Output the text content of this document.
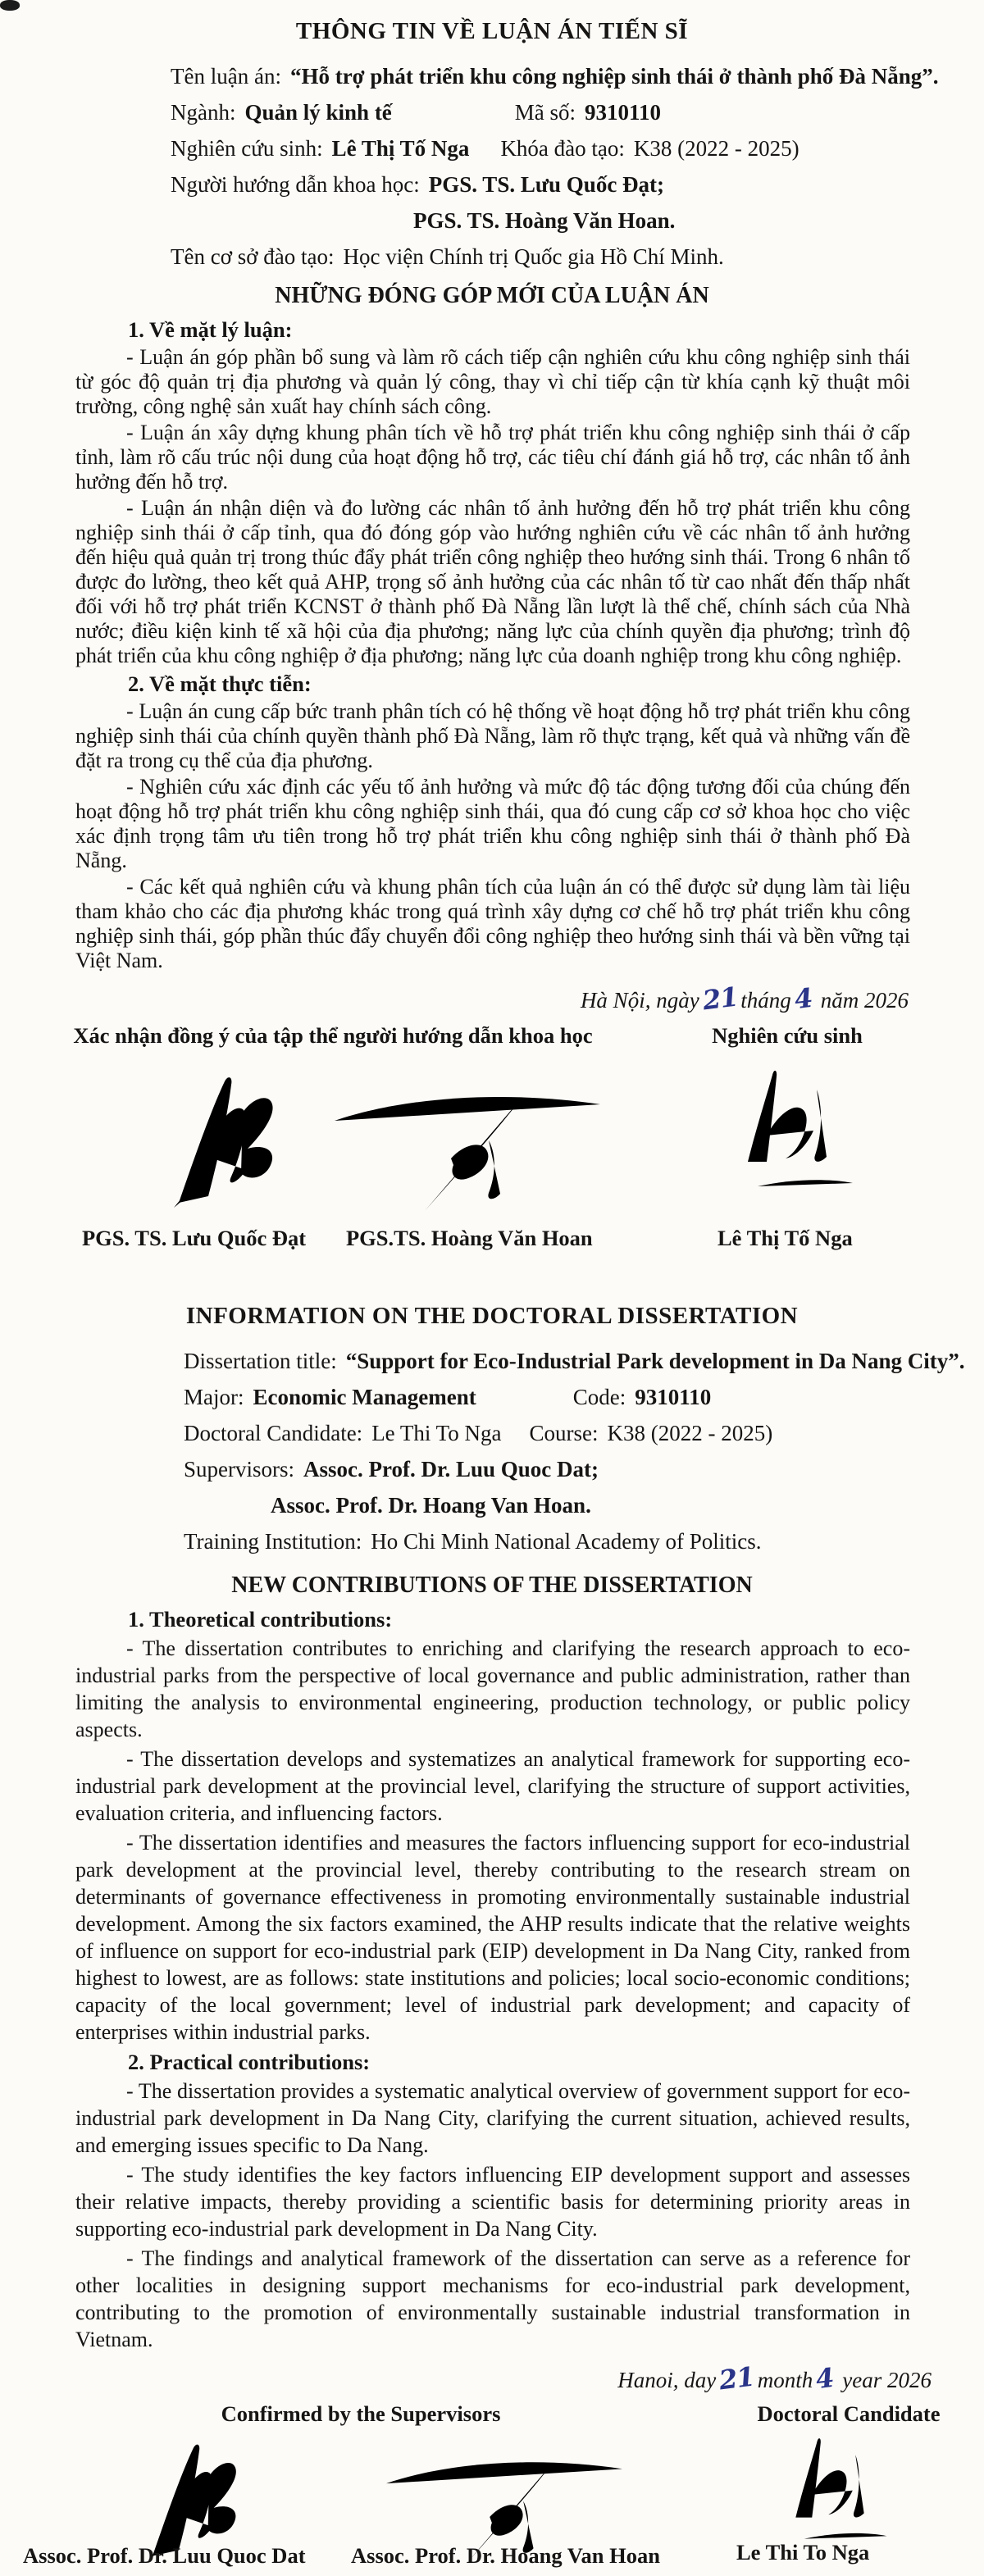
THÔNG TIN VỀ LUẬN ÁN TIẾN SĨ
Tên luận án: “Hỗ trợ phát triển khu công nghiệp sinh thái ở thành phố Đà Nẵng”.
Ngành: Quản lý kinh tế	Mã số: 9310110
Nghiên cứu sinh: Lê Thị Tố Nga Khóa đào tạo: K38 (2022 - 2025)
Người hướng dẫn khoa học: PGS. TS. Lưu Quốc Đạt;
PGS. TS. Hoàng Văn Hoan.
Tên cơ sở đào tạo: Học viện Chính trị Quốc gia Hồ Chí Minh.
NHỮNG ĐÓNG GÓP MỚI CỦA LUẬN ÁN

1. Về mặt lý luận:

- Luận án góp phần bổ sung và làm rõ cách tiếp cận nghiên cứu khu công nghiệp sinh thái từ góc độ quản trị địa phương và quản lý công, thay vì chỉ tiếp cận từ khía cạnh kỹ thuật môi trường, công nghệ sản xuất hay chính sách công.

- Luận án xây dựng khung phân tích về hỗ trợ phát triển khu công nghiệp sinh thái ở cấp tỉnh, làm rõ cấu trúc nội dung của hoạt động hỗ trợ, các tiêu chí đánh giá hỗ trợ, các nhân tố ảnh hưởng đến hỗ trợ.

- Luận án nhận diện và đo lường các nhân tố ảnh hưởng đến hỗ trợ phát triển khu công nghiệp sinh thái ở cấp tỉnh, qua đó đóng góp vào hướng nghiên cứu về các nhân tố ảnh hưởng đến hiệu quả quản trị trong thúc đẩy phát triển công nghiệp theo hướng sinh thái. Trong 6 nhân tố được đo lường, theo kết quả AHP, trọng số ảnh hưởng của các nhân tố từ cao nhất đến thấp nhất đối với hỗ trợ phát triển KCNST ở thành phố Đà Nẵng lần lượt là thể chế, chính sách của Nhà nước; điều kiện kinh tế xã hội của địa phương; năng lực của chính quyền địa phương; trình độ phát triển của khu công nghiệp ở địa phương; năng lực của doanh nghiệp trong khu công nghiệp.

2. Về mặt thực tiễn:

- Luận án cung cấp bức tranh phân tích có hệ thống về hoạt động hỗ trợ phát triển khu công nghiệp sinh thái của chính quyền thành phố Đà Nẵng, làm rõ thực trạng, kết quả và những vấn đề đặt ra trong cụ thể của địa phương.

- Nghiên cứu xác định các yếu tố ảnh hưởng và mức độ tác động tương đối của chúng đến hoạt động hỗ trợ phát triển khu công nghiệp sinh thái, qua đó cung cấp cơ sở khoa học cho việc xác định trọng tâm ưu tiên trong hỗ trợ phát triển khu công nghiệp sinh thái ở thành phố Đà Nẵng.

- Các kết quả nghiên cứu và khung phân tích của luận án có thể được sử dụng làm tài liệu tham khảo cho các địa phương khác trong quá trình xây dựng cơ chế hỗ trợ phát triển khu công nghiệp sinh thái, góp phần thúc đẩy chuyển đổi công nghiệp theo hướng sinh thái và bền vững tại Việt Nam.

Hà Nội, ngày21tháng4 năm 2026

Xác nhận đồng ý của tập thể người hướng dẫn khoa học	Nghiên cứu sinh
PGS. TS. Lưu Quốc Đạt PGS.TS. Hoàng Văn Hoan	Lê Thị Tố Nga
INFORMATION ON THE DOCTORAL DISSERTATION
Dissertation title: “Support for Eco-Industrial Park development in Da Nang City”.
Major: Economic Management	Code: 9310110
Doctoral Candidate: Le Thi To Nga Course: K38 (2022 - 2025)
Supervisors: Assoc. Prof. Dr. Luu Quoc Dat;
Assoc. Prof. Dr. Hoang Van Hoan.
Training Institution: Ho Chi Minh National Academy of Politics.
NEW CONTRIBUTIONS OF THE DISSERTATION

1. Theoretical contributions:

- The dissertation contributes to enriching and clarifying the research approach to eco-industrial parks from the perspective of local governance and public administration, rather than limiting the analysis to environmental engineering, production technology, or public policy aspects.

- The dissertation develops and systematizes an analytical framework for supporting eco-industrial park development at the provincial level, clarifying the structure of support activities, evaluation criteria, and influencing factors.

- The dissertation identifies and measures the factors influencing support for eco-industrial park development at the provincial level, thereby contributing to the research stream on determinants of governance effectiveness in promoting environmentally sustainable industrial development. Among the six factors examined, the AHP results indicate that the relative weights of influence on support for eco-industrial park (EIP) development in Da Nang City, ranked from highest to lowest, are as follows: state institutions and policies; local socio-economic conditions; capacity of the local government; level of industrial park development; and capacity of enterprises within industrial parks.

2. Practical contributions:

- The dissertation provides a systematic analytical overview of government support for eco-industrial park development in Da Nang City, clarifying the current situation, achieved results, and emerging issues specific to Da Nang.

- The study identifies the key factors influencing EIP development support and assesses their relative impacts, thereby providing a scientific basis for determining priority areas in supporting eco-industrial park development in Da Nang City.

- The findings and analytical framework of the dissertation can serve as a reference for other localities in designing support mechanisms for eco-industrial park development, contributing to the promotion of environmentally sustainable industrial transformation in Vietnam.

Hanoi, day21month4 year 2026

Confirmed by the Supervisors	Doctoral Candidate
Assoc. Prof. Dr. Luu Quoc Dat Assoc. Prof. Dr. Hoang Van Hoan	Le Thi To Nga
